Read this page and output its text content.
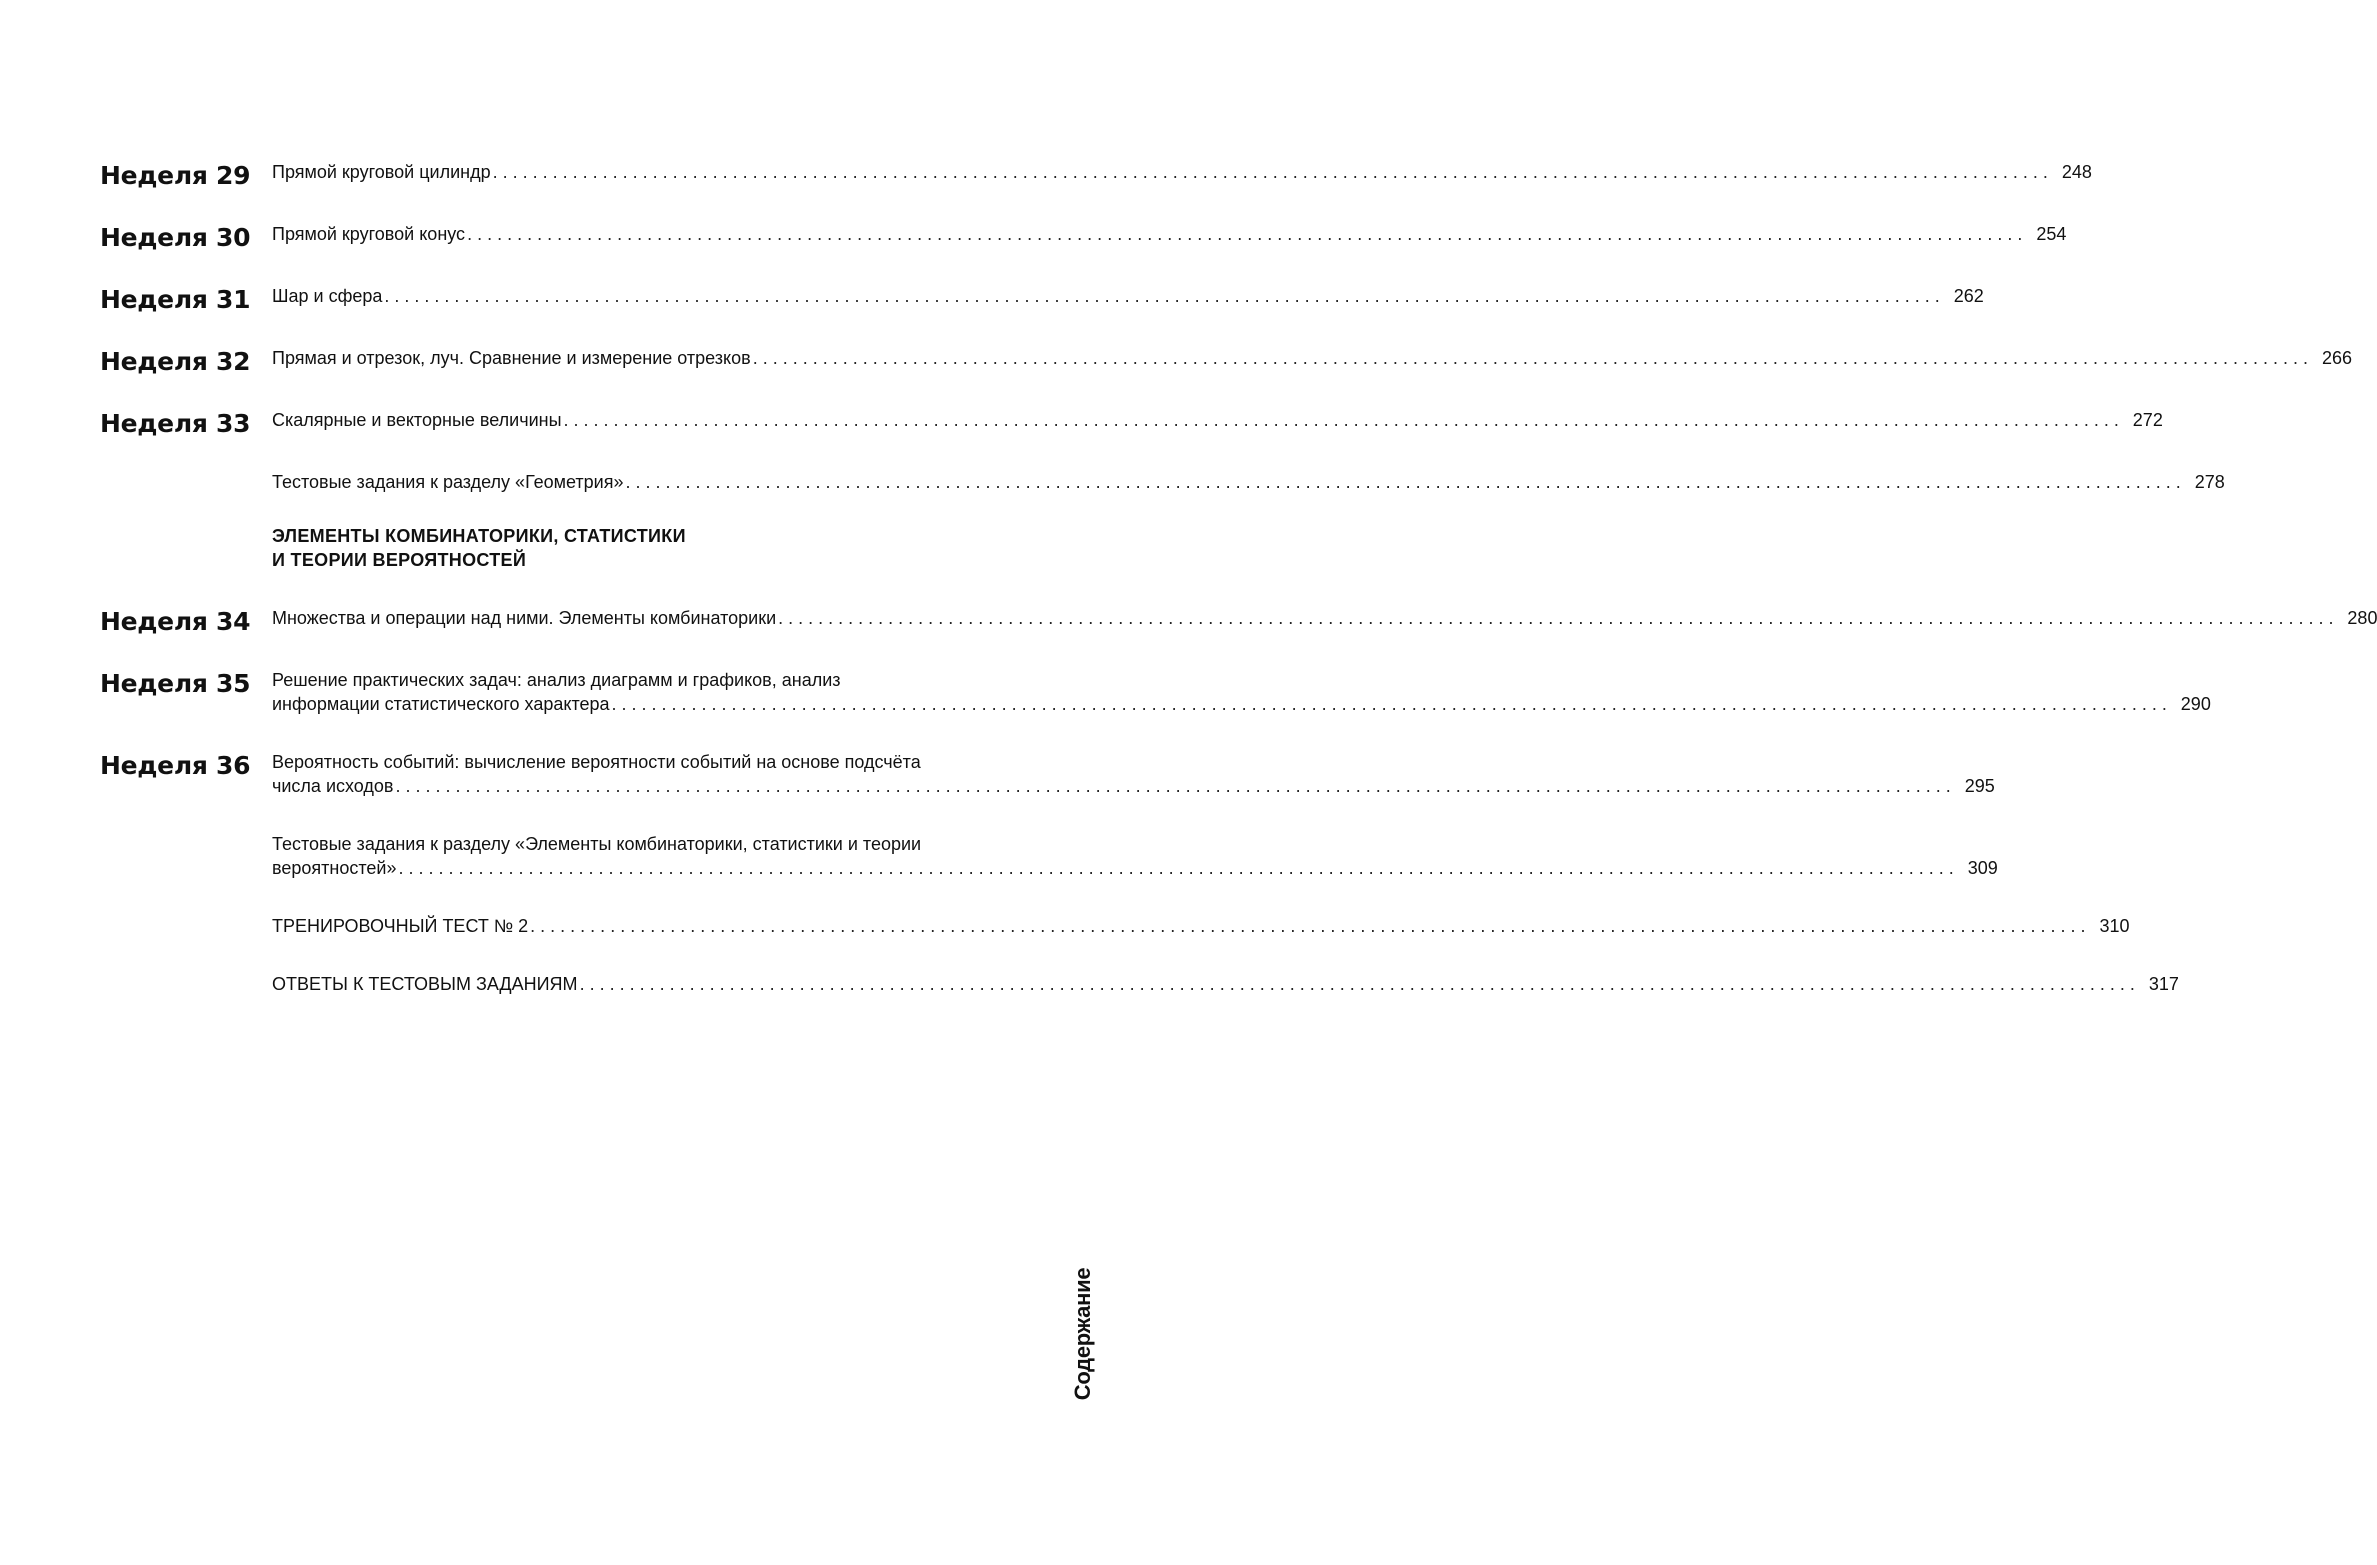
Неделя 29	Прямой круговой цилиндр . . .	248
Неделя 30	Прямой круговой конус . . .	254
Неделя 31	Шар и сфера . . .	262
Неделя 32	Прямая и отрезок, луч. Сравнение и измерение отрезков . . .	266
Неделя 33	Скалярные и векторные величины . . .	272
Тестовые задания к разделу «Геометрия» . . .	278
ЭЛЕМЕНТЫ КОМБИНАТОРИКИ, СТАТИСТИКИ
И ТЕОРИИ ВЕРОЯТНОСТЕЙ
Неделя 34	Множества и операции над ними. Элементы комбинаторики . . .	280
Неделя 35	Решение практических задач: анализ диаграмм и графиков, анализ
информации статистического характера . . .	290
Неделя 36	Вероятность событий: вычисление вероятности событий на основе подсчёта
числа исходов . . .	295
Тестовые задания к разделу «Элементы комбинаторики, статистики и теории
вероятностей» . . .	309
ТРЕНИРОВОЧНЫЙ ТЕСТ № 2 . . .	310
ОТВЕТЫ К ТЕСТОВЫМ ЗАДАНИЯМ . . .	317
Содержание
